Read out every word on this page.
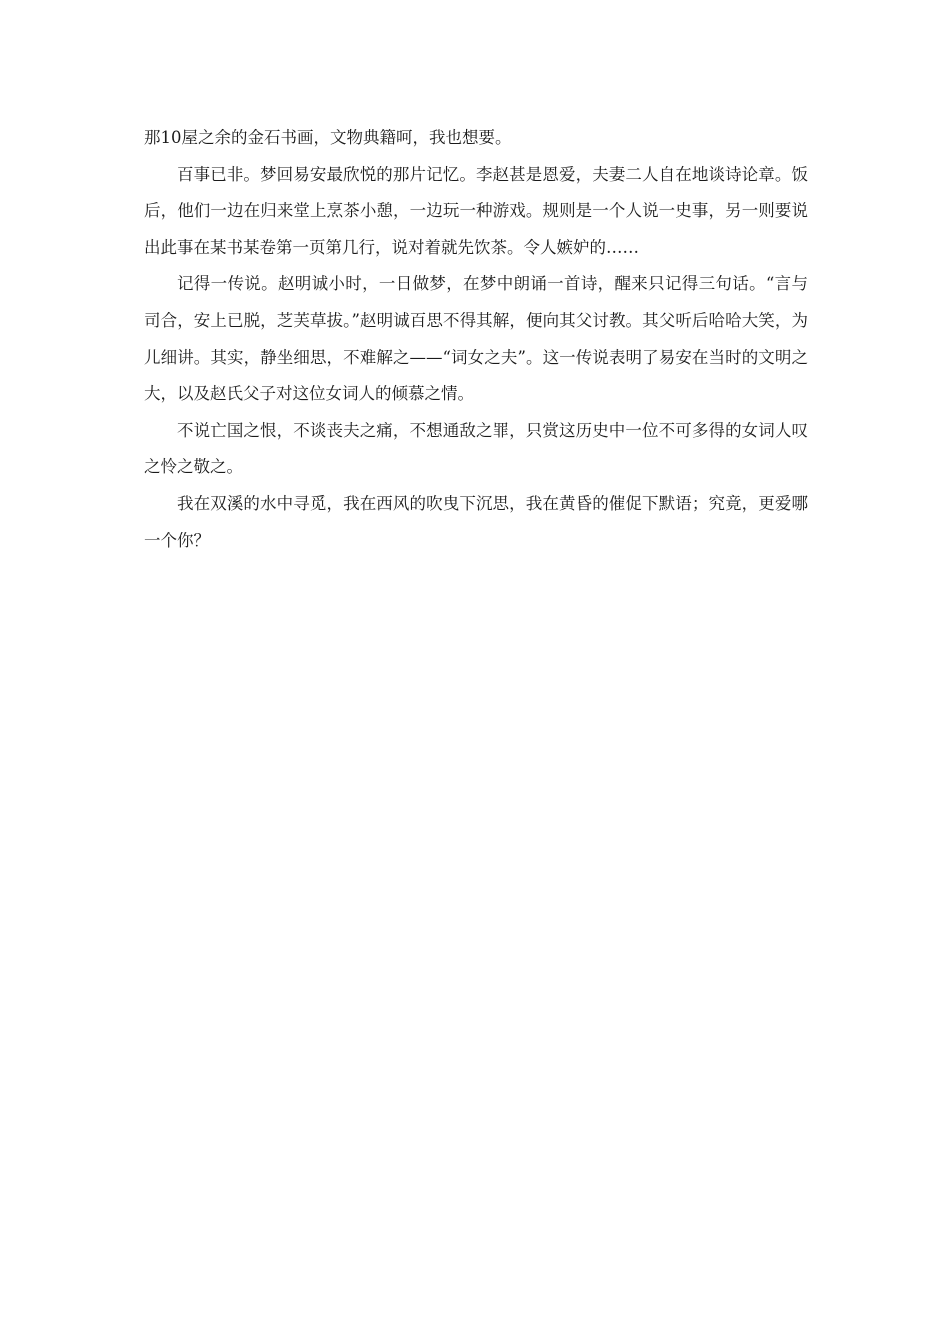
那10屋之余的金石书画，文物典籍呵，我也想要。

百事已非。梦回易安最欣悦的那片记忆。李赵甚是恩爱，夫妻二人自在地谈诗论章。饭后，他们一边在归来堂上烹茶小憩，一边玩一种游戏。规则是一个人说一史事，另一则要说出此事在某书某卷第一页第几行，说对着就先饮茶。令人嫉妒的……

记得一传说。赵明诚小时，一日做梦，在梦中朗诵一首诗，醒来只记得三句话。“言与司合，安上已脱，芝芙草拔。”赵明诚百思不得其解，便向其父讨教。其父听后哈哈大笑，为儿细讲。其实，静坐细思，不难解之——“词女之夫”。这一传说表明了易安在当时的文明之大，以及赵氏父子对这位女词人的倾慕之情。

不说亡国之恨，不谈丧夫之痛，不想通敌之罪，只赏这历史中一位不可多得的女词人叹之怜之敬之。

我在双溪的水中寻觅，我在西风的吹曳下沉思，我在黄昏的催促下默语；究竟，更爱哪一个你？
